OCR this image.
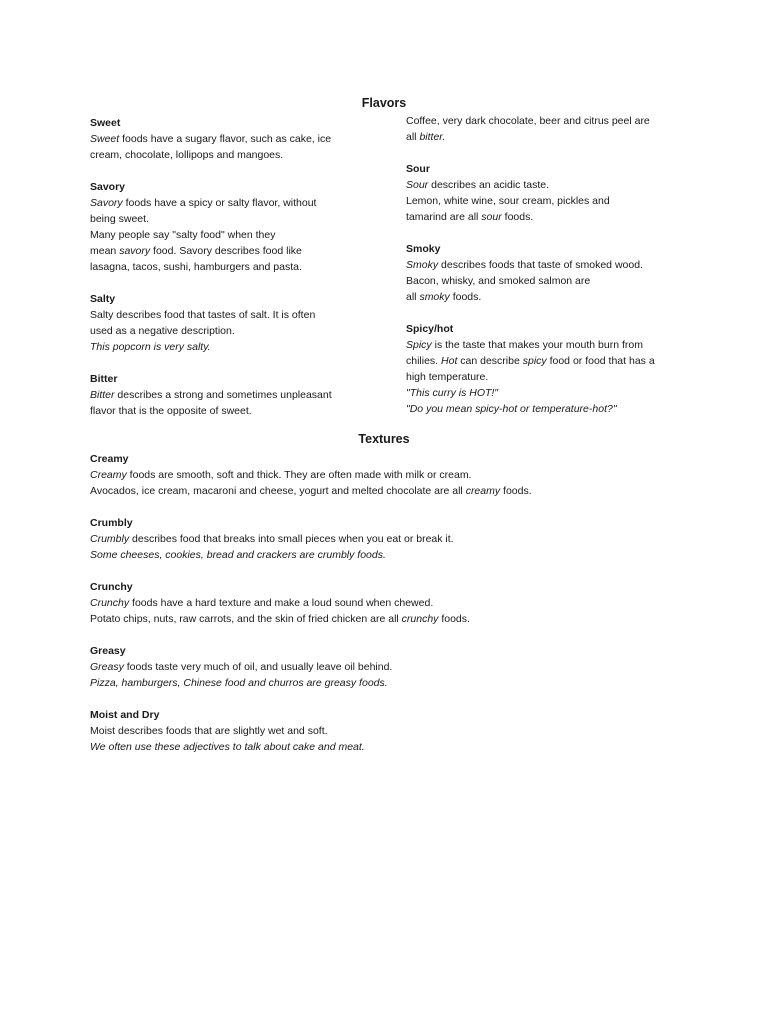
Flavors
Sweet
Sweet foods have a sugary flavor, such as cake, ice
cream, chocolate, lollipops and mangoes.
Savory
Savory foods have a spicy or salty flavor, without
being sweet.
Many people say "salty food" when they
mean savory food. Savory describes food like
lasagna, tacos, sushi, hamburgers and pasta.
Salty
Salty describes food that tastes of salt. It is often
used as a negative description.
This popcorn is very salty.
Bitter
Bitter describes a strong and sometimes unpleasant
flavor that is the opposite of sweet.
Coffee, very dark chocolate, beer and citrus peel are
all bitter.
Sour
Sour describes an acidic taste.
Lemon, white wine, sour cream, pickles and
tamarind are all sour foods.
Smoky
Smoky describes foods that taste of smoked wood.
Bacon, whisky, and smoked salmon are
all smoky foods.
Spicy/hot
Spicy is the taste that makes your mouth burn from
chilies. Hot can describe spicy food or food that has a
high temperature.
"This curry is HOT!"
"Do you mean spicy-hot or temperature-hot?"
Textures
Creamy
Creamy foods are smooth, soft and thick. They are often made with milk or cream.
Avocados, ice cream, macaroni and cheese, yogurt and melted chocolate are all creamy foods.
Crumbly
Crumbly describes food that breaks into small pieces when you eat or break it.
Some cheeses, cookies, bread and crackers are crumbly foods.
Crunchy
Crunchy foods have a hard texture and make a loud sound when chewed.
Potato chips, nuts, raw carrots, and the skin of fried chicken are all crunchy foods.
Greasy
Greasy foods taste very much of oil, and usually leave oil behind.
Pizza, hamburgers, Chinese food and churros are greasy foods.
Moist and Dry
Moist describes foods that are slightly wet and soft.
We often use these adjectives to talk about cake and meat.
